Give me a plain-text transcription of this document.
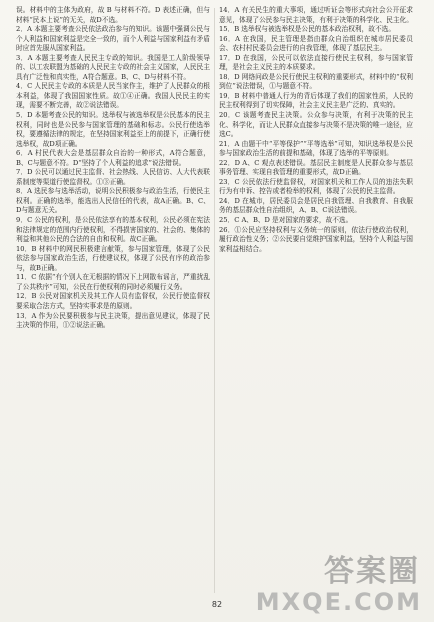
误。材料中的主体为政府，故 B 与材料不符。D 表述正确，但与材料“民本上说”的无关，故D不选。

2．A 本题主要考查公民依法政治参与的知识。该题中强调公民与个人利益和国家利益是完全一致的，而个人利益与国家利益有矛盾时应首先服从国家利益。

3．A 本题主要考查人民民主专政的知识。我国是工人阶级领导的、以工农联盟为基础的人民民主专政的社会主义国家，人民民主具有广泛性和真实性，A符合题意。B、C、D与材料不符。

4．C 人民民主专政的本质是人民当家作主，维护了人民群众的根本利益，体现了我国国家性质。故①④正确。我国人民民主的实现，需要不断完善，故②说法错误。

5．D 本题考查公民的知识。选举权与被选举权是公民基本的民主权利，同时也是公民参与国家管理的基础和标志。公民行使选举权，要遵循法律的规定，在坚持国家利益至上的前提下，正确行使选举权，故D项正确。

6．A 村民代表大会是基层群众自治的一种形式，A符合题意，B、C与题意不符。D“坚持了个人利益的追求”说法错误。

7．D 公民可以通过民主监督、社会热线、人民信访、人大代表联系制度等渠道行使监督权。①③正确。

8．A 选民参与选举活动，说明公民积极参与政治生活，行使民主权利。正确的选举，能选出人民信任的代表，故A正确。B、C、D与题意无关。

9．C 公民的权利，是公民依法享有的基本权利，公民必须在宪法和法律规定的范围内行使权利，不得损害国家的、社会的、集体的利益和其他公民的合法的自由和权利。故C正确。

10．B 材料中的网民积极建言献策，参与国家管理，体现了公民依法参与国家政治生活，行使建议权，体现了公民有序的政治参与，故B正确。

11．C 依据“有个别人在无根据的情况下上网散布谣言，严重扰乱了公共秩序”可知，公民在行使权利的同时必须履行义务。

12．B 公民对国家机关及其工作人员有监督权，公民行使监督权要采取合法方式，坚持实事求是的原则。

13．A 作为公民要积极参与民主决策，提出意见建议，体现了民主决策的作用，①②说法正确。

14．A 有关民生的重大事项，通过听证会等形式向社会公开征求意见，体现了公民参与民主决策，有利于决策的科学化、民主化。

15．B 选举权与被选举权是公民的基本政治权利，故不选。

16．A 在我国，民主管理是指由群众自治组织在城市居民委员会、农村村民委员会进行的自我管理，体现了基层民主。

17．D 在我国，公民可以依法直接行使民主权利，参与国家管理，是社会主义民主的本质要求。

18．D 网络问政是公民行使民主权利的重要形式，材料中的“权利到位”说法错误，①与题意不符。

19．B 材料中普通人行为的背后体现了我们的国家性质，人民的民主权利得到了切实保障，社会主义民主是广泛的、真实的。

20．C 该题考查民主决策。公众参与决策，有利于决策的民主化、科学化，而让人民群众直接参与决策不是决策的唯一途径，应选C。

21．A 由题干中“平等保护”“平等选举”可知，知识选举权是公民参与国家政治生活的前提和基础，体现了选举的平等原则。

22．D A、C 观点表述错误。基层民主制度是人民群众参与基层事务管理、实现自我管理的重要形式，故D正确。

23．C 公民依法行使监督权，对国家机关和工作人员的违法失职行为有申诉、控告或者检举的权利，体现了公民的民主监督。

24．D 在城市，居民委员会是居民自我管理、自我教育、自我服务的基层群众性自治组织，A、B、C说法错误。

25．C A、B、D 是对国家的要求，故不选。

26．①公民应坚持权利与义务统一的原则，依法行使政治权利，履行政治性义务；②公民要自觉维护国家利益，坚持个人利益与国家利益相结合。

82
答案圈
MXQE.COM
